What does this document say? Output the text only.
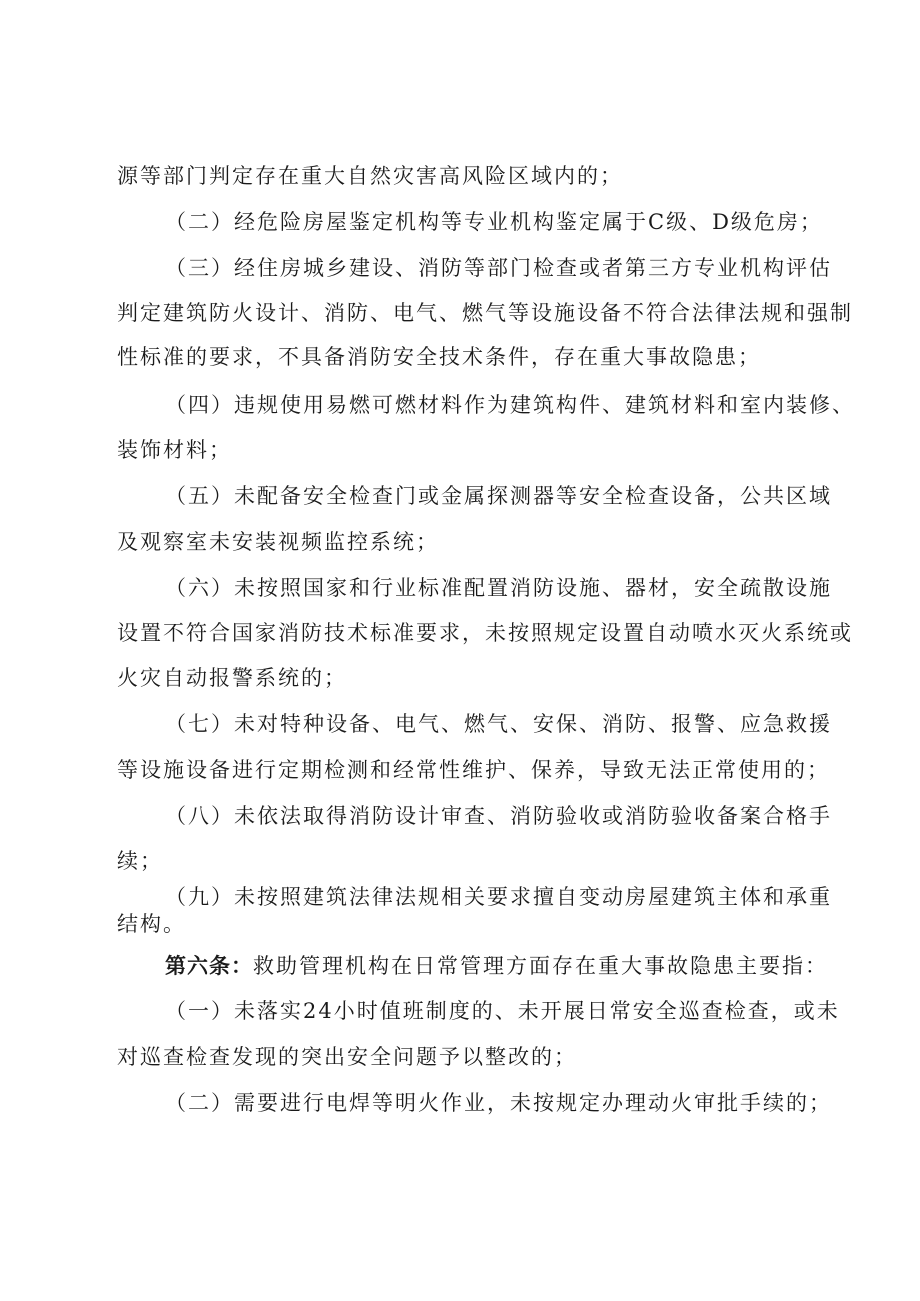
源等部门判定存在重大自然灾害高风险区域内的；

（二）经危险房屋鉴定机构等专业机构鉴定属于C级、D级危房；

（三）经住房城乡建设、消防等部门检查或者第三方专业机构评估

判定建筑防火设计、消防、电气、燃气等设施设备不符合法律法规和强制

性标准的要求，不具备消防安全技术条件，存在重大事故隐患；

（四）违规使用易燃可燃材料作为建筑构件、建筑材料和室内装修、

装饰材料；

（五）未配备安全检查门或金属探测器等安全检查设备，公共区域

及观察室未安装视频监控系统；

（六）未按照国家和行业标准配置消防设施、器材，安全疏散设施

设置不符合国家消防技术标准要求，未按照规定设置自动喷水灭火系统或

火灾自动报警系统的；

（七）未对特种设备、电气、燃气、安保、消防、报警、应急救援

等设施设备进行定期检测和经常性维护、保养，导致无法正常使用的；

（八）未依法取得消防设计审查、消防验收或消防验收备案合格手

续；

（九）未按照建筑法律法规相关要求擅自变动房屋建筑主体和承重

结构。

第六条：救助管理机构在日常管理方面存在重大事故隐患主要指：

（一）未落实24小时值班制度的、未开展日常安全巡查检查，或未

对巡查检查发现的突出安全问题予以整改的；

（二）需要进行电焊等明火作业，未按规定办理动火审批手续的；
